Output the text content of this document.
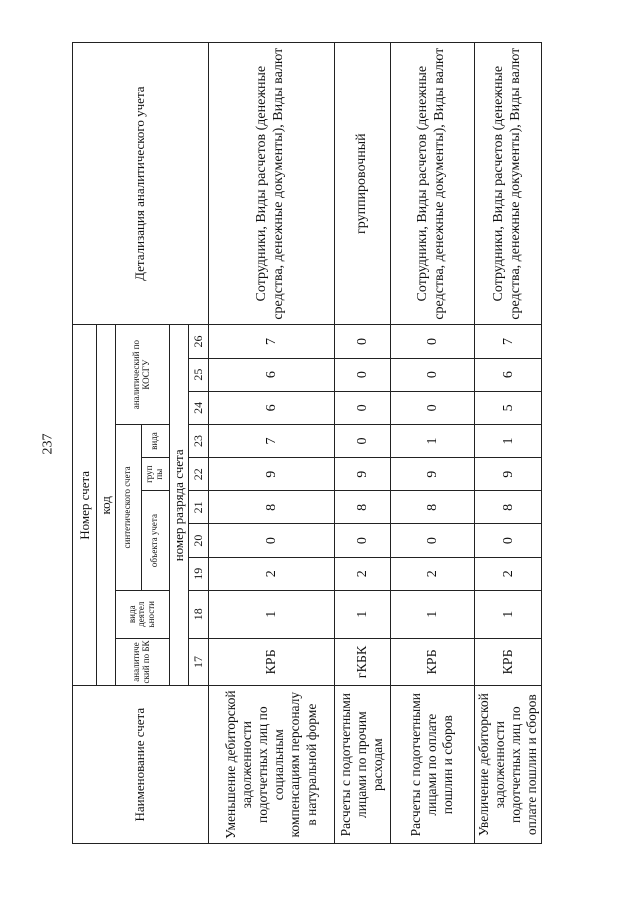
237
Наименование счета	Номер счета										Детализация аналитического учета
	код										
	аналитиче ский по БК	вида деятел ьности	синтетического счета					аналитический по КОСГУ			
			объекта учета			груп пы	вида				
	номер разряда счета										
	17	18	19	20	21	22	23	24	25	26	
Уменьшение дебиторской задолженности подотчетных лиц по социальным компенсациям персоналу в натуральной форме	КРБ	1	2	0	8	9	7	6	6	7	Сотрудники, Виды расчетов (денежные средства, денежные документы), Виды валют
Расчеты с подотчетными лицами по прочим расходам	гКБК	1	2	0	8	9	0	0	0	0	группировочный
Расчеты с подотчетными лицами по оплате пошлин и сборов	КРБ	1	2	0	8	9	1	0	0	0	Сотрудники, Виды расчетов (денежные средства, денежные документы), Виды валют
Увеличение дебиторской задолженности подотчетных лиц по оплате пошлин и сборов	КРБ	1	2	0	8	9	1	5	6	7	Сотрудники, Виды расчетов (денежные средства, денежные документы), Виды валют
